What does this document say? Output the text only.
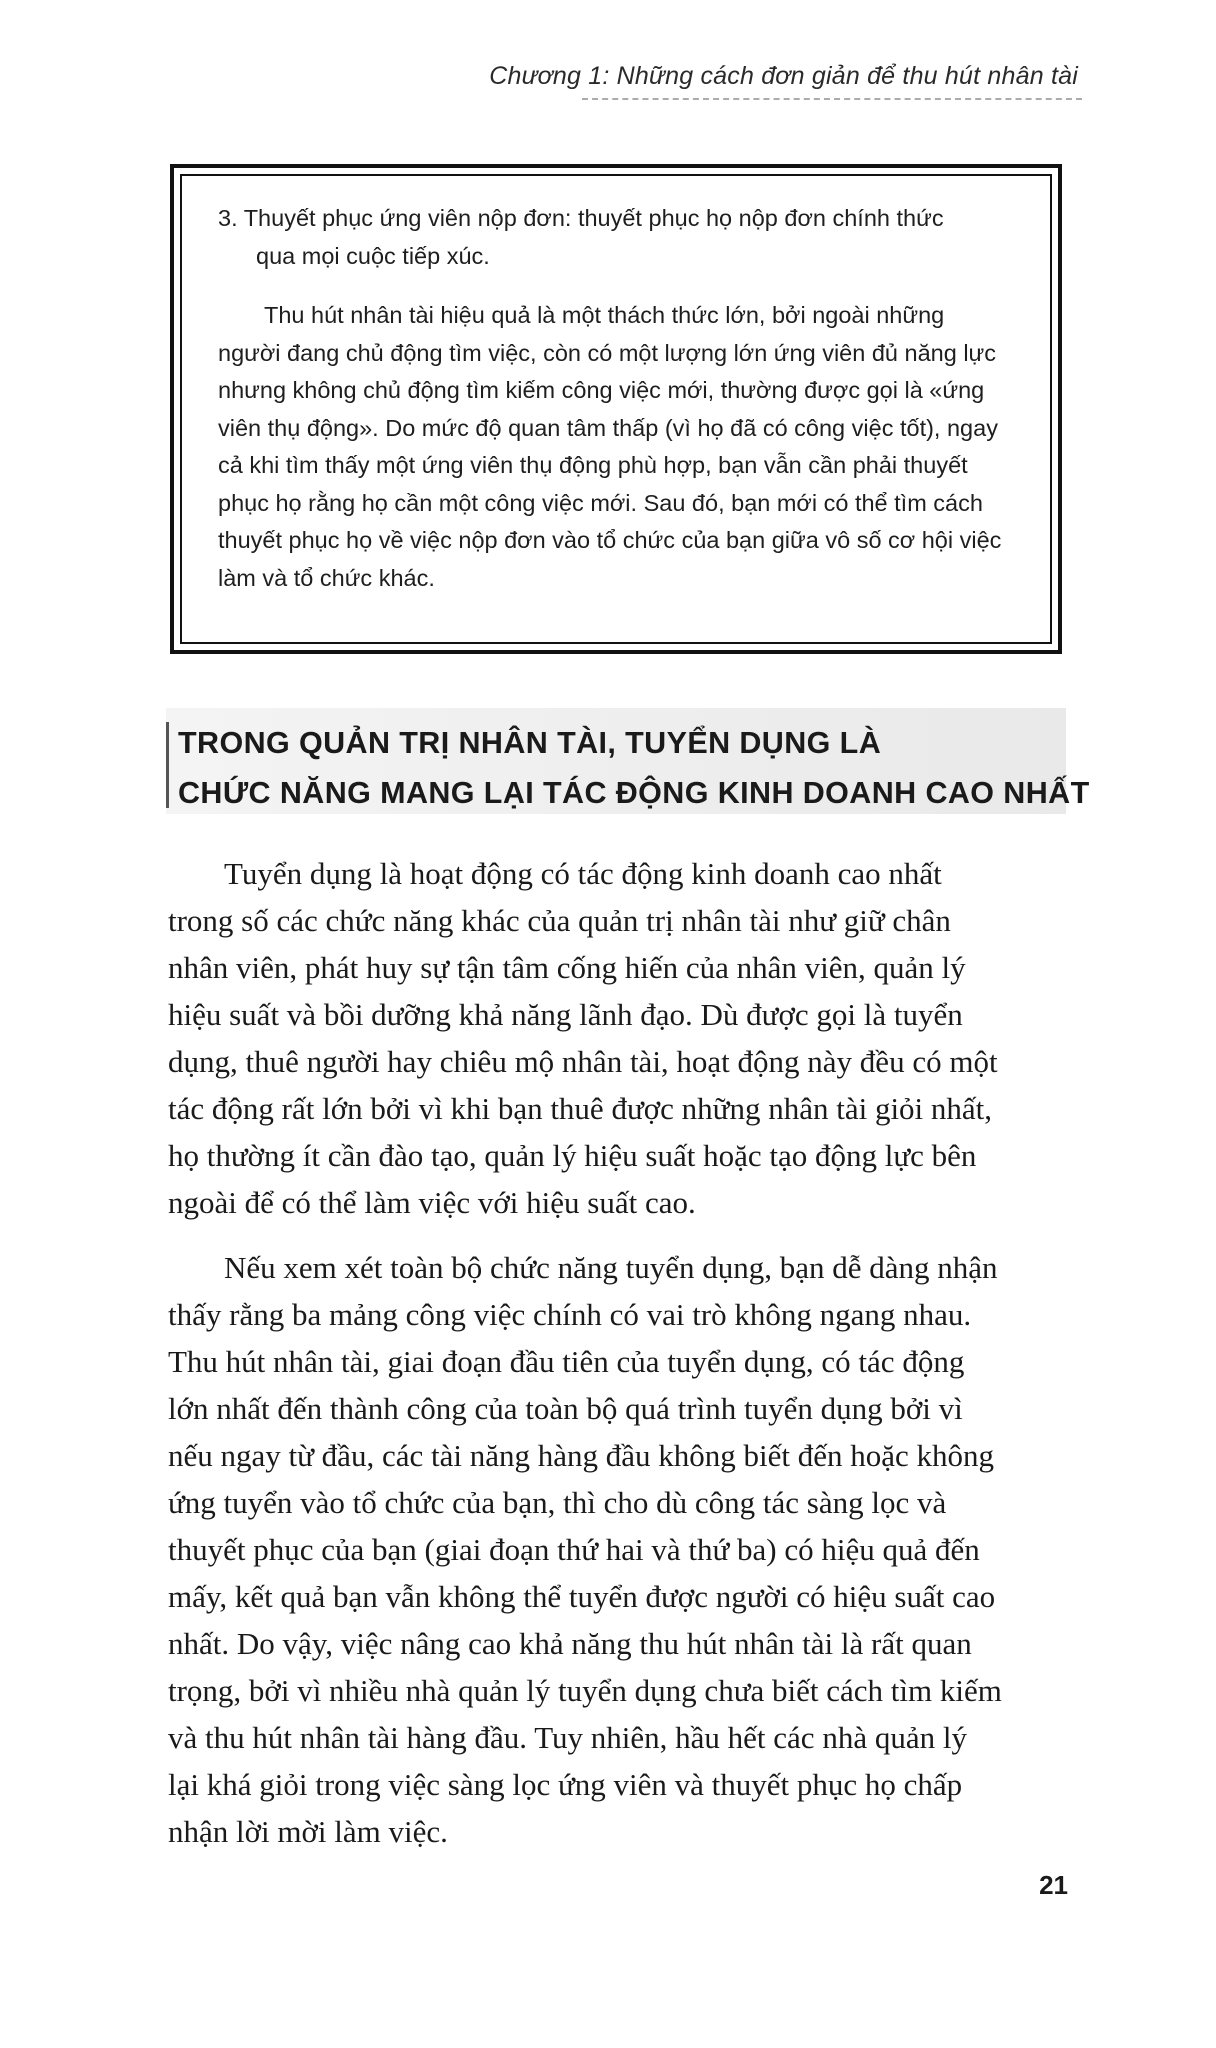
Chương 1: Những cách đơn giản để thu hút nhân tài
3. Thuyết phục ứng viên nộp đơn: thuyết phục họ nộp đơn chính thức
qua mọi cuộc tiếp xúc.
Thu hút nhân tài hiệu quả là một thách thức lớn, bởi ngoài những
người đang chủ động tìm việc, còn có một lượng lớn ứng viên đủ năng lực
nhưng không chủ động tìm kiếm công việc mới, thường được gọi là «ứng
viên thụ động». Do mức độ quan tâm thấp (vì họ đã có công việc tốt), ngay
cả khi tìm thấy một ứng viên thụ động phù hợp, bạn vẫn cần phải thuyết
phục họ rằng họ cần một công việc mới. Sau đó, bạn mới có thể tìm cách
thuyết phục họ về việc nộp đơn vào tổ chức của bạn giữa vô số cơ hội việc
làm và tổ chức khác.
TRONG QUẢN TRỊ NHÂN TÀI, TUYỂN DỤNG LÀ
CHỨC NĂNG MANG LẠI TÁC ĐỘNG KINH DOANH CAO NHẤT
Tuyển dụng là hoạt động có tác động kinh doanh cao nhất
trong số các chức năng khác của quản trị nhân tài như giữ chân
nhân viên, phát huy sự tận tâm cống hiến của nhân viên, quản lý
hiệu suất và bồi dưỡng khả năng lãnh đạo. Dù được gọi là tuyển
dụng, thuê người hay chiêu mộ nhân tài, hoạt động này đều có một
tác động rất lớn bởi vì khi bạn thuê được những nhân tài giỏi nhất,
họ thường ít cần đào tạo, quản lý hiệu suất hoặc tạo động lực bên
ngoài để có thể làm việc với hiệu suất cao.
Nếu xem xét toàn bộ chức năng tuyển dụng, bạn dễ dàng nhận
thấy rằng ba mảng công việc chính có vai trò không ngang nhau.
Thu hút nhân tài, giai đoạn đầu tiên của tuyển dụng, có tác động
lớn nhất đến thành công của toàn bộ quá trình tuyển dụng bởi vì
nếu ngay từ đầu, các tài năng hàng đầu không biết đến hoặc không
ứng tuyển vào tổ chức của bạn, thì cho dù công tác sàng lọc và
thuyết phục của bạn (giai đoạn thứ hai và thứ ba) có hiệu quả đến
mấy, kết quả bạn vẫn không thể tuyển được người có hiệu suất cao
nhất. Do vậy, việc nâng cao khả năng thu hút nhân tài là rất quan
trọng, bởi vì nhiều nhà quản lý tuyển dụng chưa biết cách tìm kiếm
và thu hút nhân tài hàng đầu. Tuy nhiên, hầu hết các nhà quản lý
lại khá giỏi trong việc sàng lọc ứng viên và thuyết phục họ chấp
nhận lời mời làm việc.
21
